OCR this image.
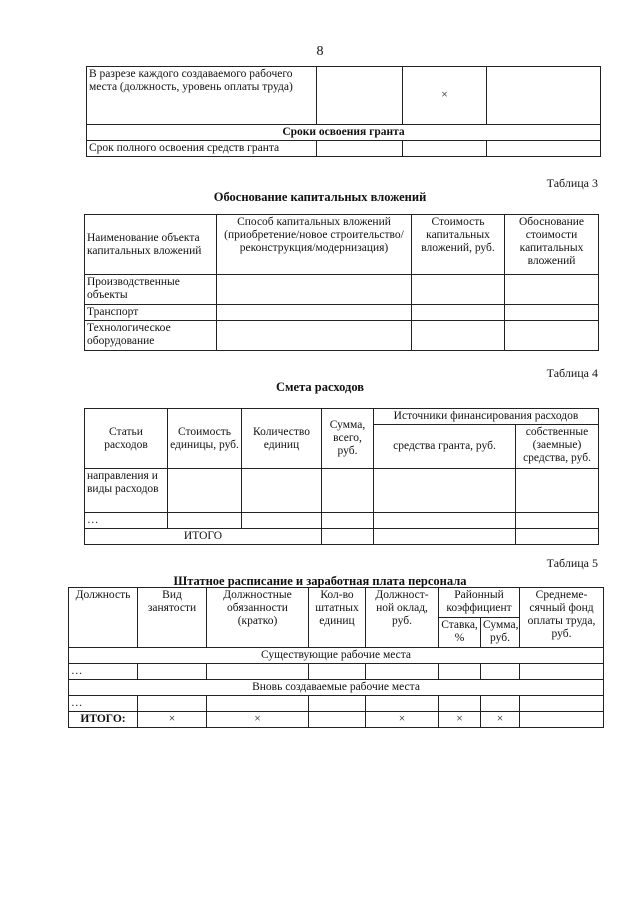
8
В разрезе каждого создаваемого рабочего места (должность, уровень оплаты труда)		×	
Сроки освоения гранта			
Срок полного освоения средств гранта			
Таблица 3
Обоснование капитальных вложений
Наименование объекта капитальных вложений	Способ капитальных вложений (приобретение/новое строительство/реконструкция/модернизация)	Стоимость капитальных вложений, руб.	Обоснование стоимости капитальных вложений
Производственные объекты			
Транспорт			
Технологическое оборудование			
Таблица 4
Смета расходов
Статьи расходов	Стоимость единицы, руб.	Количество единиц	Сумма, всего, руб.	Источники финансирования расходов	
				средства гранта, руб.	собственные (заемные) средства, руб.
направления и виды расходов					
…					
ИТОГО					
Таблица 5
Штатное расписание и заработная плата персонала
Должность	Вид занятости	Должностные обязанности (кратко)	Кол-во штатных единиц	Должност-ной оклад, руб.	Районный коэффициент		Среднеме-сячный фонд оплаты труда, руб.
					Ставка, %	Сумма, руб.	
Существующие рабочие места							
…							
Вновь создаваемые рабочие места							
…							
ИТОГО:	×	×		×	×	×	
